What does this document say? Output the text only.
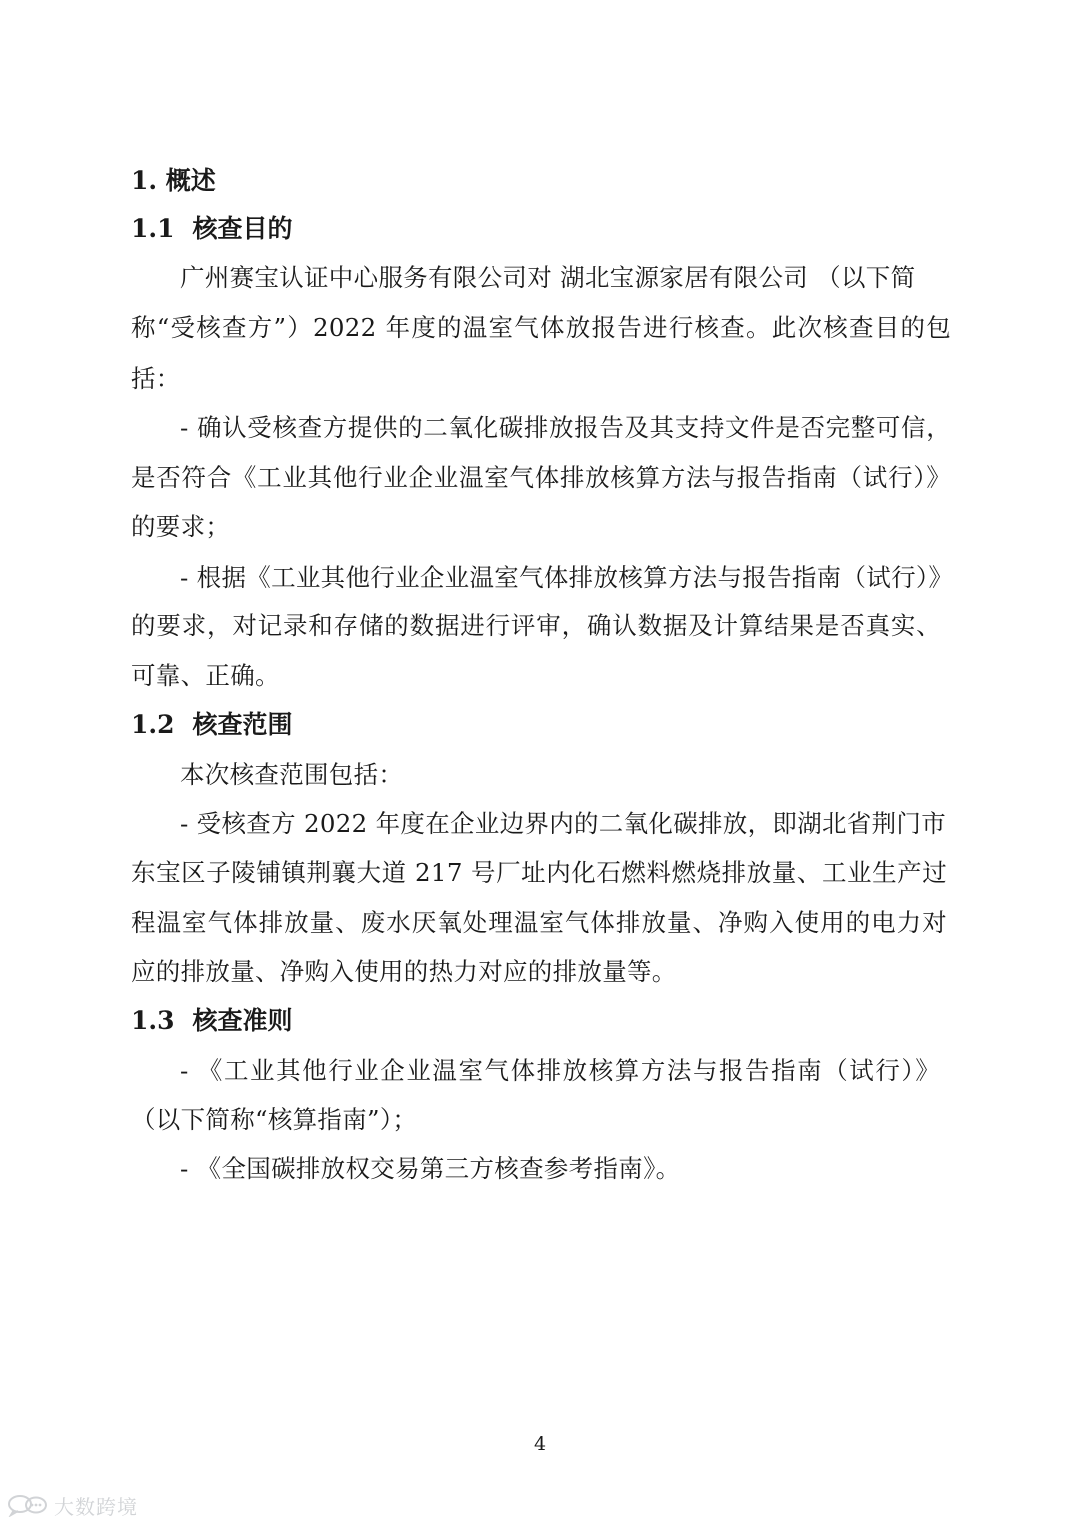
1. 概述
1.1 核查目的
广州赛宝认证中心服务有限公司对 湖北宝源家居有限公司 （以下简
称“受核查方”）2022 年度的温室气体放报告进行核查。此次核查目的包
括：
- 确认受核查方提供的二氧化碳排放报告及其支持文件是否完整可信，
是否符合《工业其他行业企业温室气体排放核算方法与报告指南（试行）》
的要求；
- 根据《工业其他行业企业温室气体排放核算方法与报告指南（试行）》
的要求，对记录和存储的数据进行评审，确认数据及计算结果是否真实、
可靠、正确。
1.2 核查范围
本次核查范围包括：
- 受核查方 2022 年度在企业边界内的二氧化碳排放，即湖北省荆门市
东宝区子陵铺镇荆襄大道 217 号厂址内化石燃料燃烧排放量、工业生产过
程温室气体排放量、废水厌氧处理温室气体排放量、净购入使用的电力对
应的排放量、净购入使用的热力对应的排放量等。
1.3 核查准则
- 《工业其他行业企业温室气体排放核算方法与报告指南（试行）》
（以下简称“核算指南”）；
- 《全国碳排放权交易第三方核查参考指南》。
4
大数跨境
